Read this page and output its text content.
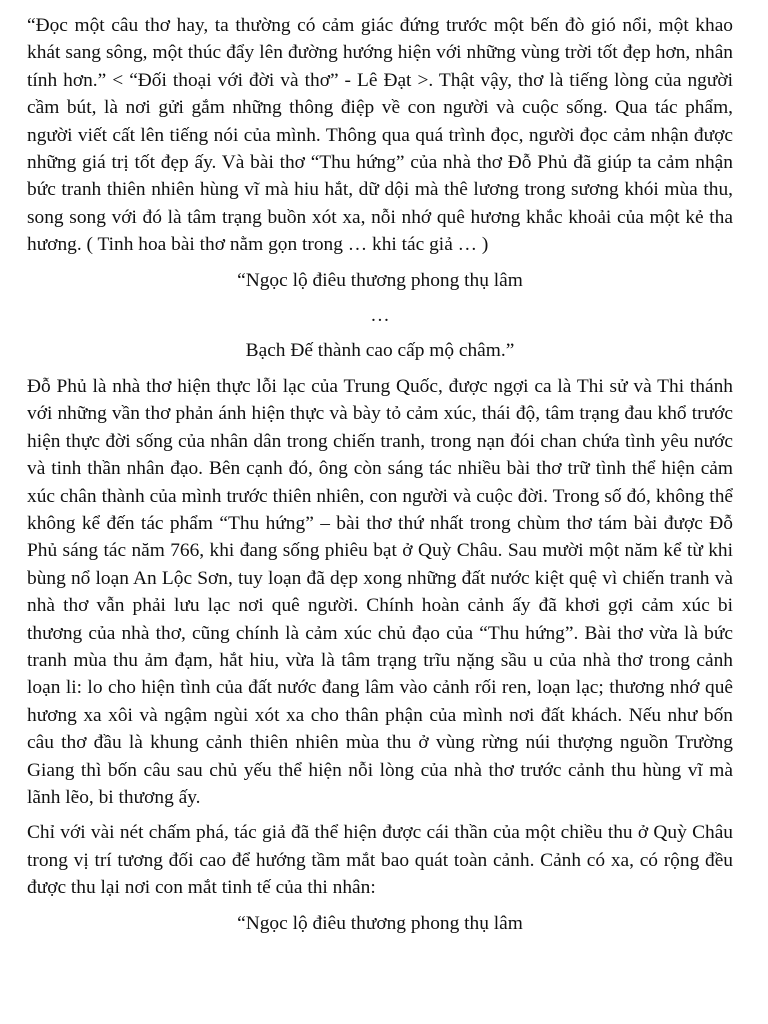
“Đọc một câu thơ hay, ta thường có cảm giác đứng trước một bến đò gió nổi, một khao khát sang sông, một thúc đẩy lên đường hướng hiện với những vùng trời tốt đẹp hơn, nhân tính hơn.” < “Đối thoại với đời và thơ” - Lê Đạt >. Thật vậy, thơ là tiếng lòng của người cầm bút, là nơi gửi gắm những thông điệp về con người và cuộc sống. Qua tác phẩm, người viết cất lên tiếng nói của mình. Thông qua quá trình đọc, người đọc cảm nhận được những giá trị tốt đẹp ấy. Và bài thơ “Thu hứng” của nhà thơ Đỗ Phủ đã giúp ta cảm nhận bức tranh thiên nhiên hùng vĩ mà hiu hắt, dữ dội mà thê lương trong sương khói mùa thu, song song với đó là tâm trạng buồn xót xa, nỗi nhớ quê hương khắc khoải của một kẻ tha hương. ( Tinh hoa bài thơ nằm gọn trong … khi tác giả … )

“Ngọc lộ điêu thương phong thụ lâm

…

Bạch Đế thành cao cấp mộ châm.”

Đỗ Phủ là nhà thơ hiện thực lỗi lạc của Trung Quốc, được ngợi ca là Thi sử và Thi thánh với những vần thơ phản ánh hiện thực và bày tỏ cảm xúc, thái độ, tâm trạng đau khổ trước hiện thực đời sống của nhân dân trong chiến tranh, trong nạn đói chan chứa tình yêu nước và tinh thần nhân đạo. Bên cạnh đó, ông còn sáng tác nhiều bài thơ trữ tình thể hiện cảm xúc chân thành của mình trước thiên nhiên, con người và cuộc đời. Trong số đó, không thể không kể đến tác phẩm “Thu hứng” – bài thơ thứ nhất trong chùm thơ tám bài được Đỗ Phủ sáng tác năm 766, khi đang sống phiêu bạt ở Quỳ Châu. Sau mười một năm kể từ khi bùng nổ loạn An Lộc Sơn, tuy loạn đã dẹp xong những đất nước kiệt quệ vì chiến tranh và nhà thơ vẫn phải lưu lạc nơi quê người. Chính hoàn cảnh ấy đã khơi gợi cảm xúc bi thương của nhà thơ, cũng chính là cảm xúc chủ đạo của “Thu hứng”. Bài thơ vừa là bức tranh mùa thu ảm đạm, hắt hiu, vừa là tâm trạng trĩu nặng sầu u của nhà thơ trong cảnh loạn li: lo cho hiện tình của đất nước đang lâm vào cảnh rối ren, loạn lạc; thương nhớ quê hương xa xôi và ngậm ngùi xót xa cho thân phận của mình nơi đất khách. Nếu như bốn câu thơ đầu là khung cảnh thiên nhiên mùa thu ở vùng rừng núi thượng nguồn Trường Giang thì bốn câu sau chủ yếu thể hiện nỗi lòng của nhà thơ trước cảnh thu hùng vĩ mà lãnh lẽo, bi thương ấy.

Chỉ với vài nét chấm phá, tác giả đã thể hiện được cái thần của một chiều thu ở Quỳ Châu trong vị trí tương đối cao để hướng tầm mắt bao quát toàn cảnh. Cảnh có xa, có rộng đều được thu lại nơi con mắt tinh tế của thi nhân:

“Ngọc lộ điêu thương phong thụ lâm
